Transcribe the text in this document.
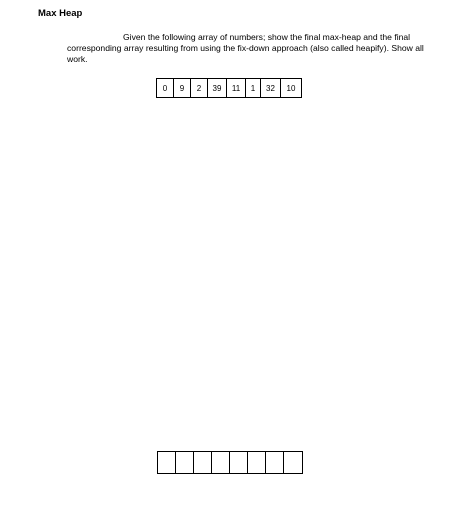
Max Heap

Given the following array of numbers; show the final max-heap and the final corresponding array resulting from using the fix-down approach (also called heapify). Show all work.

0	9	2	39	11	1	32	10
